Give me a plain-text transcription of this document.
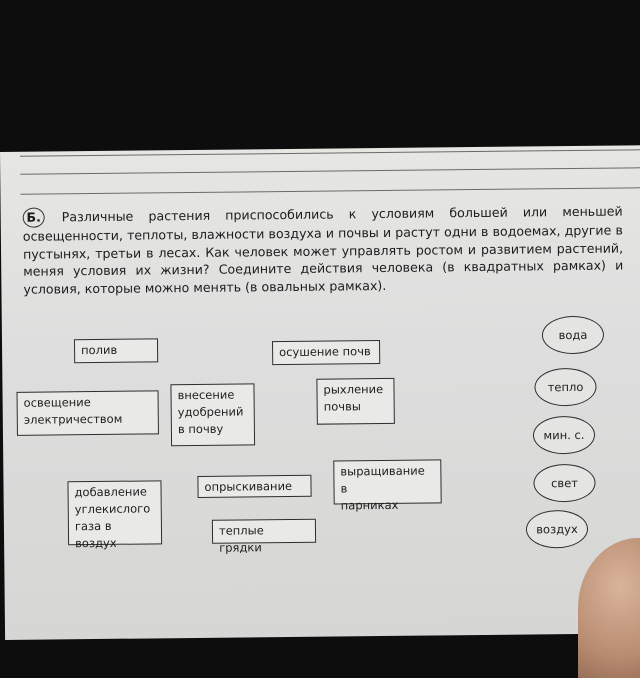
Б. Различные растения приспособились к условиям большей или меньшей освещенности, теплоты, влажности воздуха и почвы и растут одни в водоемах, другие в пустынях, третьи в лесах. Как человек может управлять ростом и развитием растений, меняя условия их жизни? Соедините действия человека (в квадратных рамках) и условия, которые можно менять (в овальных рамках).
полив	осушение почв
освещение
электричеством
внесение
удобрений
в почву
рыхление
почвы
опрыскивание
выращивание в
парниках
добавление
углекислого
газа в воздух
теплые грядки
вода
тепло
мин. с.
свет
воздух
